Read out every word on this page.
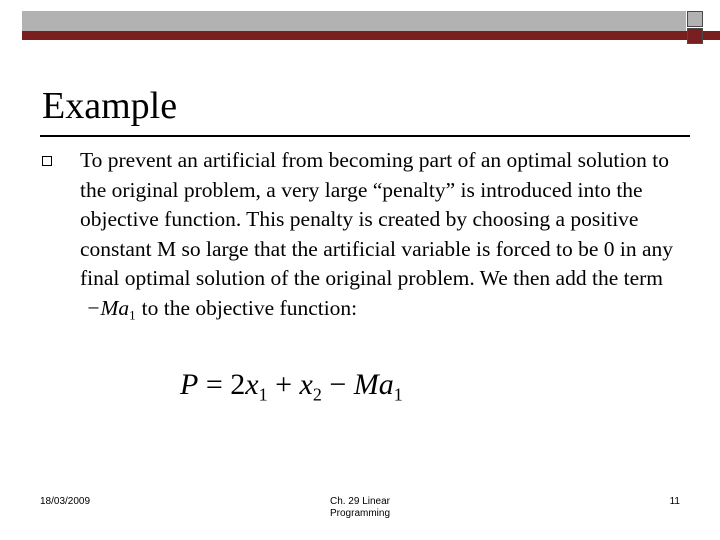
Example
To prevent an artificial from becoming part of an optimal solution to the original problem, a very large “penalty” is introduced into the objective function. This penalty is created by choosing a positive constant M so large that the artificial variable is forced to be 0 in any final optimal solution of the original problem. We then add the $term-Ma_1$ to the objective function:
$P = 2x_1 + x_2 - Ma_1$
18/03/2009	Ch. 29 Linear Programming
11
